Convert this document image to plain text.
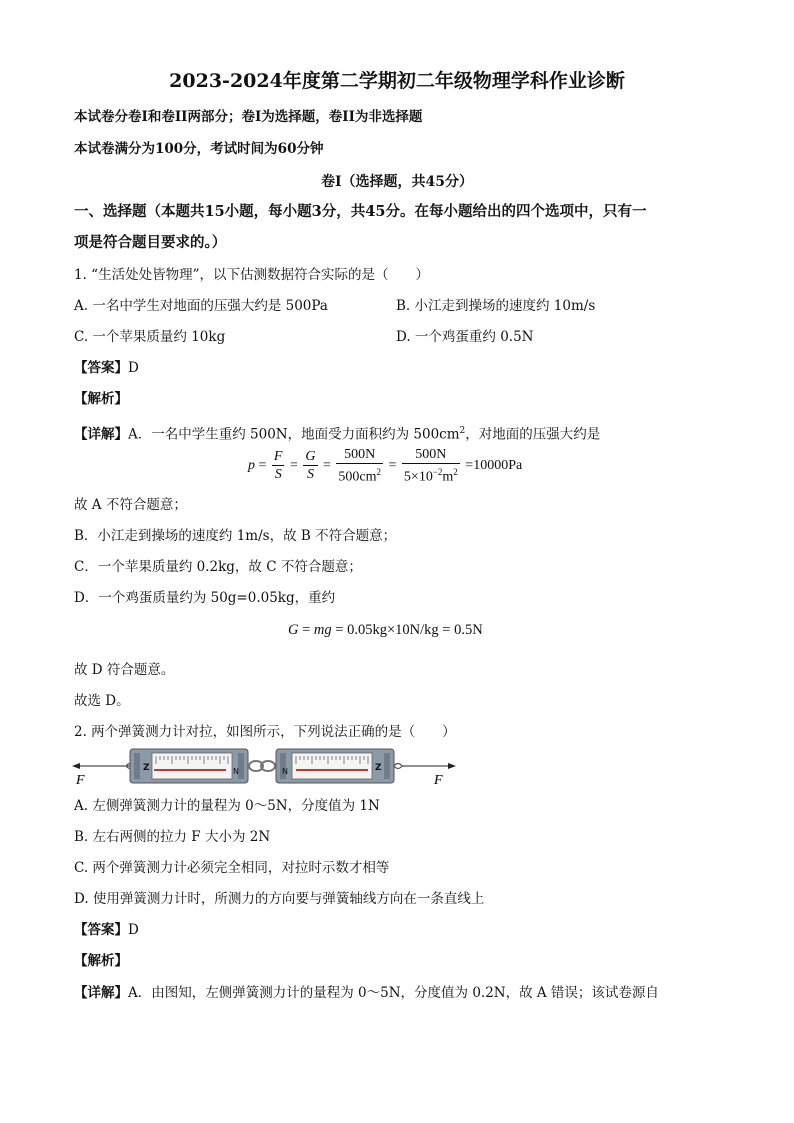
2023-2024年度第二学期初二年级物理学科作业诊断
本试卷分卷I和卷II两部分；卷I为选择题，卷II为非选择题
本试卷满分为100分，考试时间为60分钟
卷I（选择题，共45分）
一、选择题（本题共15小题，每小题3分，共45分。在每小题给出的四个选项中，只有一
项是符合题目要求的。）
1. “生活处处皆物理”，以下估测数据符合实际的是（　　）
A. 一名中学生对地面的压强大约是 500Pa	B. 小江走到操场的速度约 10m/s
C. 一个苹果质量约 10kg	D. 一个鸡蛋重约 0.5N
【答案】D
【解析】
【详解】A．一名中学生重约 500N，地面受力面积约为 $500cm^2$，对地面的压强大约是
$p = \frac{F}{S} = \frac{G}{S} = \frac{500N}{500cm^2} = \frac{500N}{5\times 10^{-2}m^2} =10000Pa$
故 A 不符合题意；
B．小江走到操场的速度约 1m/s，故 B 不符合题意；
C．一个苹果质量约 0.2kg，故 C 不符合题意；
D．一个鸡蛋质量约为 50g=0.05kg，重约
G = mg = 0.05kg×10N/kg = 0.5N
故 D 符合题意。
故选 D。
2. 两个弹簧测力计对拉，如图所示，下列说法正确的是（　　）
F
Z	N	N	Z
F
A. 左侧弹簧测力计的量程为 0～5N，分度值为 1N
B. 左右两侧的拉力 F 大小为 2N
C. 两个弹簧测力计必须完全相同，对拉时示数才相等
D. 使用弹簧测力计时，所测力的方向要与弹簧轴线方向在一条直线上
【答案】D
【解析】
【详解】A．由图知，左侧弹簧测力计的量程为 0～5N，分度值为 0.2N，故 A 错误；该试卷源自
